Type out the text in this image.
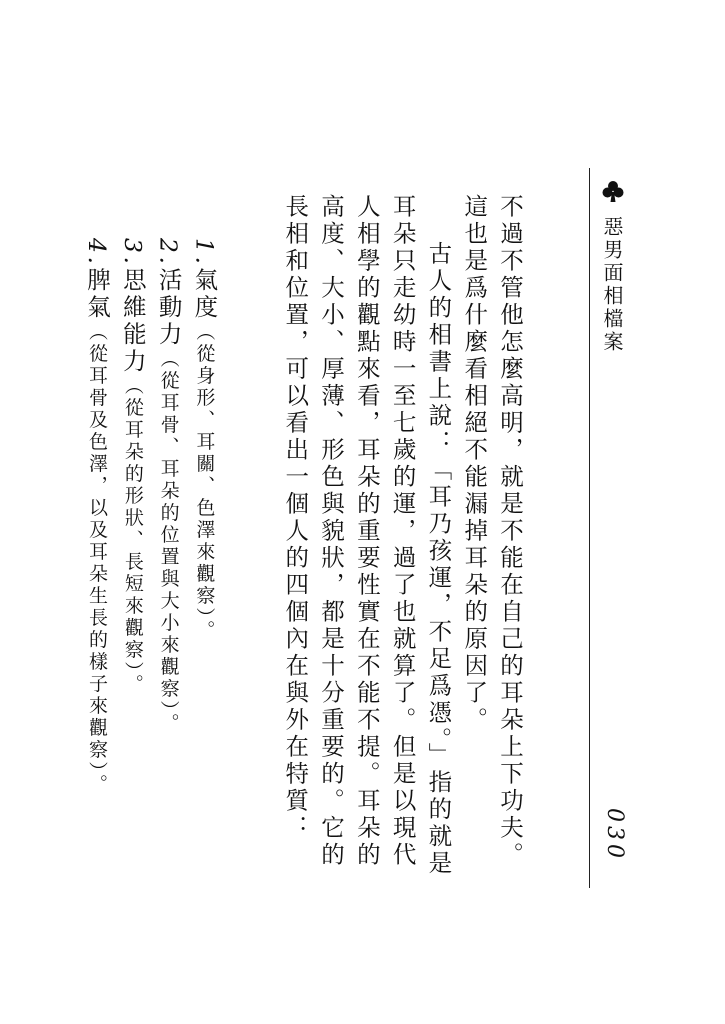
惡男面相檔案
030

不過不管他怎麼高明，就是不能在自己的耳朵上下功夫。這也是爲什麼看相絕不能漏掉耳朵的原因了。

古人的相書上說：「耳乃孩運，不足爲憑。」指的就是耳朵只走幼時一至七歲的運，過了也就算了。但是以現代人相學的觀點來看，耳朵的重要性實在不能不提。耳朵的高度、大小、厚薄、形色與貌狀，都是十分重要的。它的長相和位置，可以看出一個人的四個內在與外在特質：

1.氣度（從身形、耳關、色澤來觀察）。

2.活動力（從耳骨、耳朵的位置與大小來觀察）。

3.思維能力（從耳朵的形狀、長短來觀察）。

4.脾氣（從耳骨及色澤，以及耳朵生長的樣子來觀察）。
